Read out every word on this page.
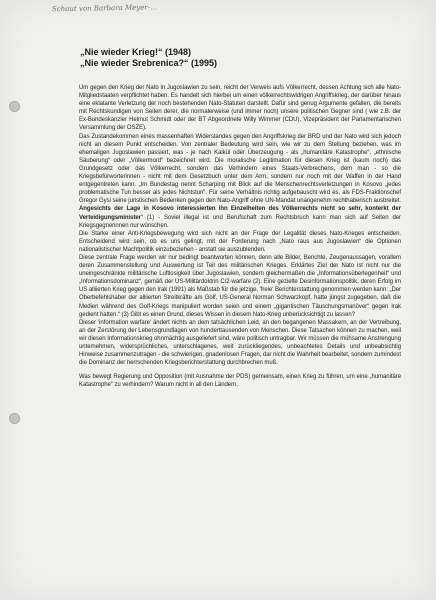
Schaut von Barbara Meyer-…
„Nie wieder Krieg!“ (1948)
„Nie wieder Srebrenica?“ (1995)

Um gegen den Krieg der Nato in Jugoslawien zu sein, reicht der Verweis aufs Völkerrecht, dessen Achtung sich alle Nato-Mitgliedstaaten verpflichtet haben. Es handelt sich hierbei um einen völkerrechtswidrigen Angriffskrieg, der darüber hinaus eine eklatante Verletzung der noch bestehenden Nato-Statuten darstellt. Dafür sind genug Argumente gefallen, die bereits mit Rechtskundigen von Seiten derer, die normalerweise (und immer noch) unsere politischen Gegner sind ( wie z.B. der Ex-Bundeskanzler Helmut Schmidt oder der BT Abgeordnete Willy Wimmer (CDU), Vizepräsident der Parlamentarischen Versammlung der OSZE).

Das Zustandekommen eines massenhaften Widerstandes gegen den Angriffskrieg der BRD und der Nato wird sich jedoch nicht an diesem Punkt entscheiden. Von zentraler Bedeutung wird sein, wie wir zu dem Stellung beziehen, was im ehemaligen Jugoslawien passiert, was - je nach Kalkül oder Überzeugung - als „humanitäre Katastrophe“, „ethnische Säuberung“ oder „Völkermord“ bezeichnet wird. Die moralische Legitimation für diesen Krieg ist (kaum noch) das Grundgesetz oder das Völkerrecht, sondern das Verhindern eines Staats-Verbrechens, dem man - so die Kriegsbefürworterinnen - nicht mit dem Gesetzbuch unter dem Arm, sondern nur noch mit der Waffen in der Hand entgegentreten kann. „Im Bundestag nennt Scharping mit Blick auf die Menschenrechtsverletzungen in Kosovo „jedes problematische Tun besser als jedes Nichtstun“. Für seine Verhältnis richtig aufgebauscht wird es, als FDS-Fraktionschef Gregor Gysi seine juristischen Bedenken gegen den Nato-Angriff ohne UN-Mandat unangenehm rechthaberisch ausbreitet. Angesichts der Lage in Kosovo interessierten ihn Einzelheiten des Völkerrechts nicht so sehr, konterkt der Verteidigungsminister“ (1) - Soviel illegal ist und Berufschaft zum Rechtsbruch kann man sich auf Seiten der Kriegsgegnerinnen nur wünschen.

Die Starke einer Anti-Kriegsbewegung wird sich nicht an der Frage der Legalität dieses Nato-Krieges entscheiden. Entscheidend wird sein, ob es uns gelingt, mit der Forderung nach „Nato raus aus Jugoslawien“ die Optionen nationalistischer Machtpolitik einzubeziehen - anstatt sie auszublenden.

Diese zentrale Frage werden wir nur bedingt beantworten können, denn alle Bilder, Berichte, Zeugenaussagen, vorallem deren Zusammenstellung und Auswertung ist Teil des militärischen Krieges. Erklärtes Ziel der Nato ist nicht nur die uneingeschränkte militärische Luftlosigkeit über Jugoslawien, sondern gleichermaßen die „Informationsüberlegenheit“ und „Informationsdominanz“, gemäß der US-Militärdoktrin C/2-warfare (2). Eine gezielte Desinformationspolitik, deren Erfolg im US alliierten Krieg gegen den Irak (1991) als Maßstab für die jetzige, 'freie' Berichterstattung genommen werden kann: „Der Oberbefehlshaber der alliierten Streitkräfte am Golf, US-General Norman Schwarzkopf, hatte jüngst zugegeben, daß die Medien während des Golf-Kriegs manipuliert worden seien und einem „gigantischen Täuschungsmanöver“ gegen Irak gedient hatten.“ (3) Gibt es einen Grund, dieses Wissen in diesem Nato-Krieg unberücksichtigt zu lassen?

Dieser 'information warfare' ändert nichts an dem tatsächlichen Leid, an den begangenen Massakern, an der Vertreibung, an der Zerstörung der Lebensgrundlagen von hunderttausenden von Menschen. Diese Tatsachen können zu machen, weil wir diesen Informationskrieg ohnmächtig ausgeliefert sind, wäre politisch untragbar. Wir müssen die mühsame Anstrengung unternehmen, widersprüchliches, unterschlagenes, weit zurückliegendes, unbeachtetes Details und unbeabsichtig Hinweise zusammenzutragen - die schwierigen, gnadenlosen Fragen, dar nicht die Wahrheit bearbeitet, sondern zumindest die Dominanz der herrschenden Kriegsberichterstattung durchbrechen muß.

Was bewegt Regierung und Opposition (mit Ausnahme der PDS) gemeinsam, einen Krieg zu führen, um eine „humanitäre Katastrophe“ zu verhindern? Warum nicht in all den Ländern,
